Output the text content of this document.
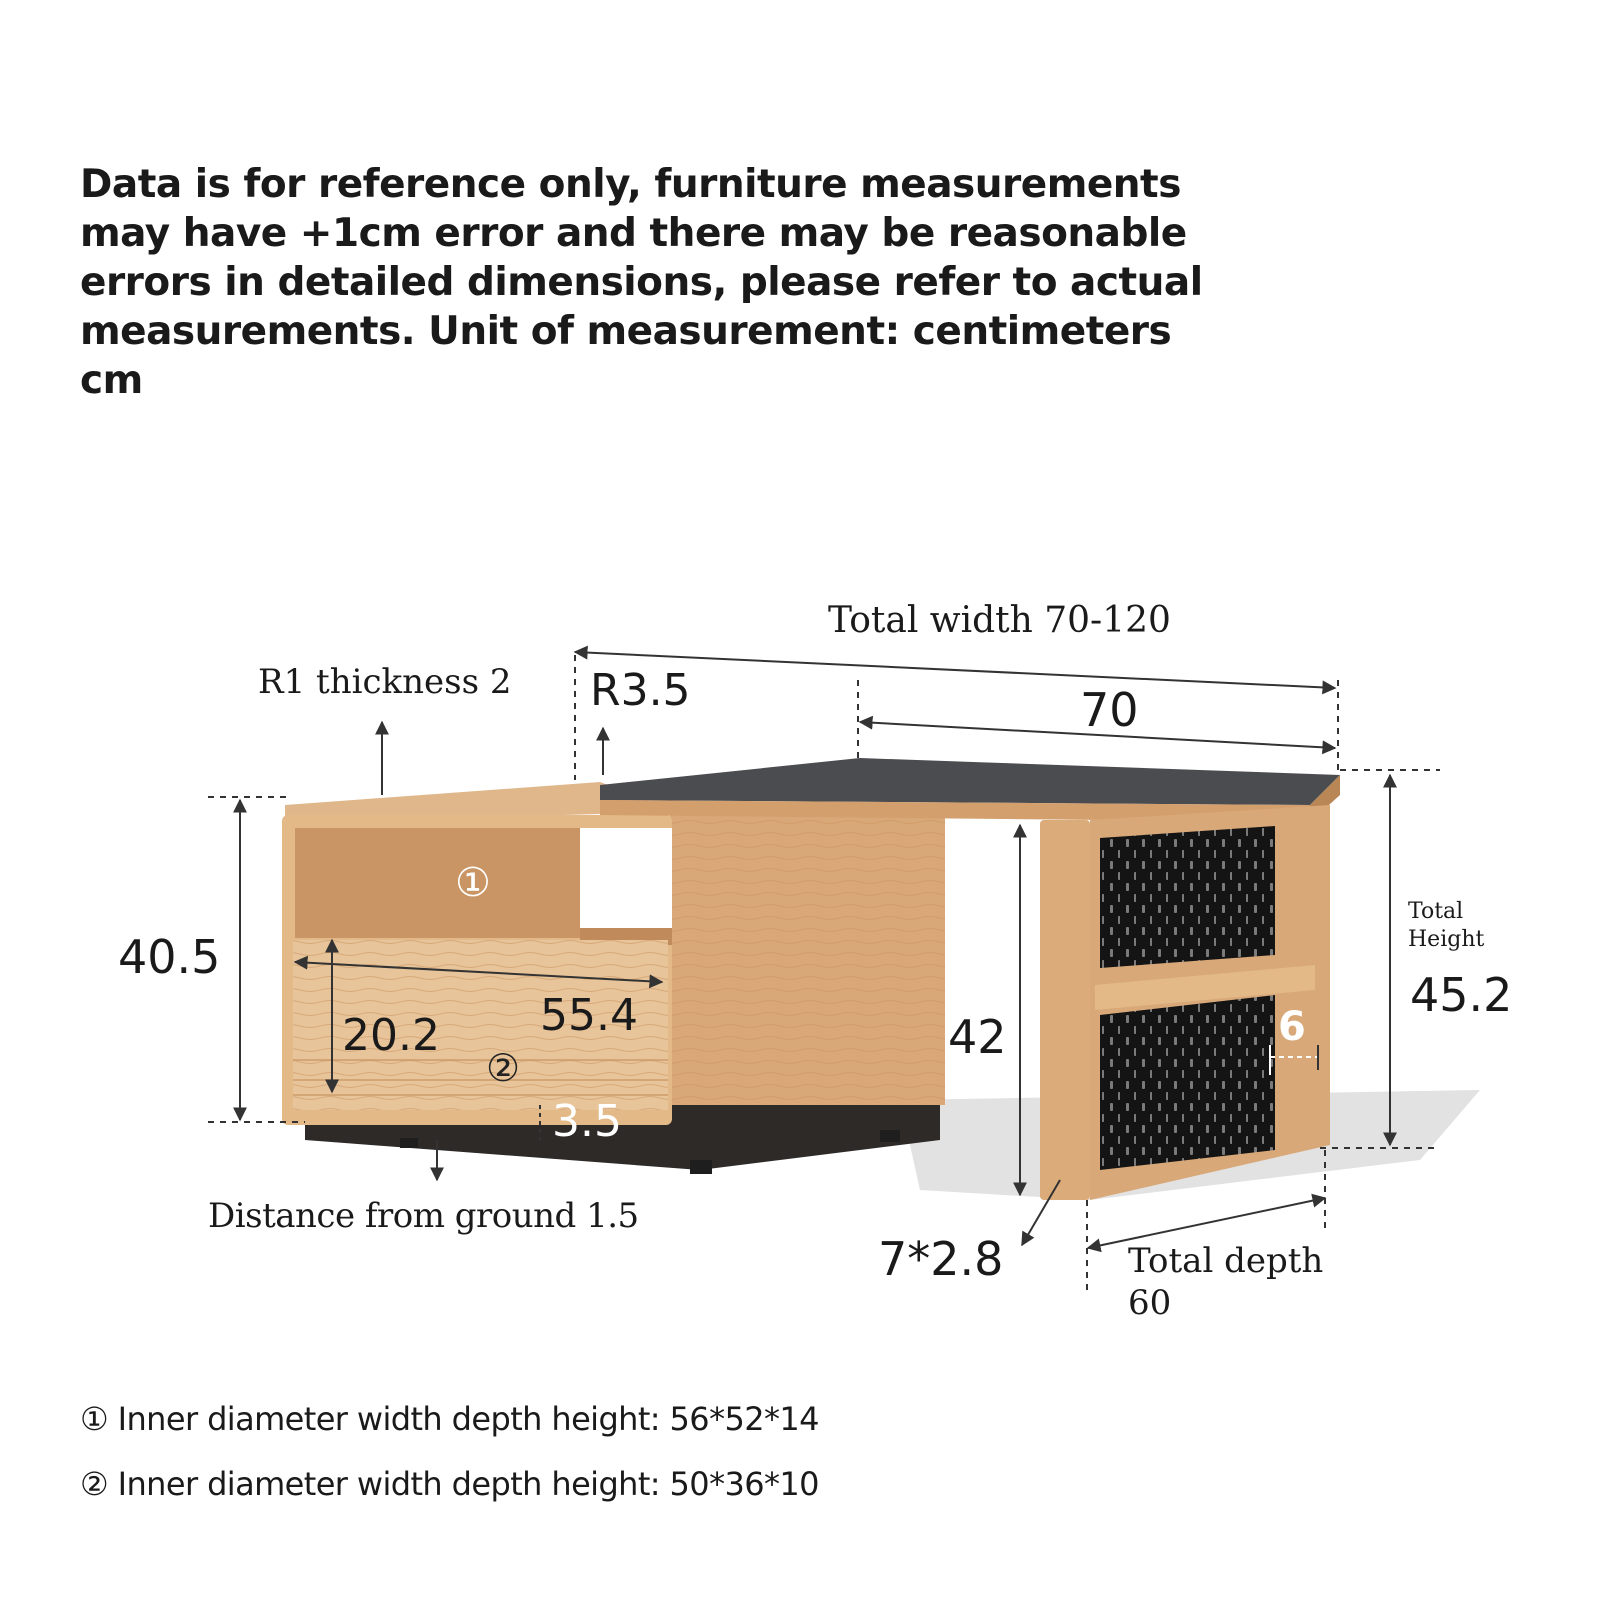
Data is for reference only, furniture measurements may have +1cm error and there may be reasonable errors in detailed dimensions, please refer to actual measurements. Unit of measurement: centimeters cm
Total width 70-120
70
R3.5
R1 thickness 2
40.5
20.2 55.4
3.5
Distance from ground 1.5
42
7*2.8
Total
Height
45.2
6
Total depth
60
①
②
① Inner diameter width depth height: 56*52*14
② Inner diameter width depth height: 50*36*10
